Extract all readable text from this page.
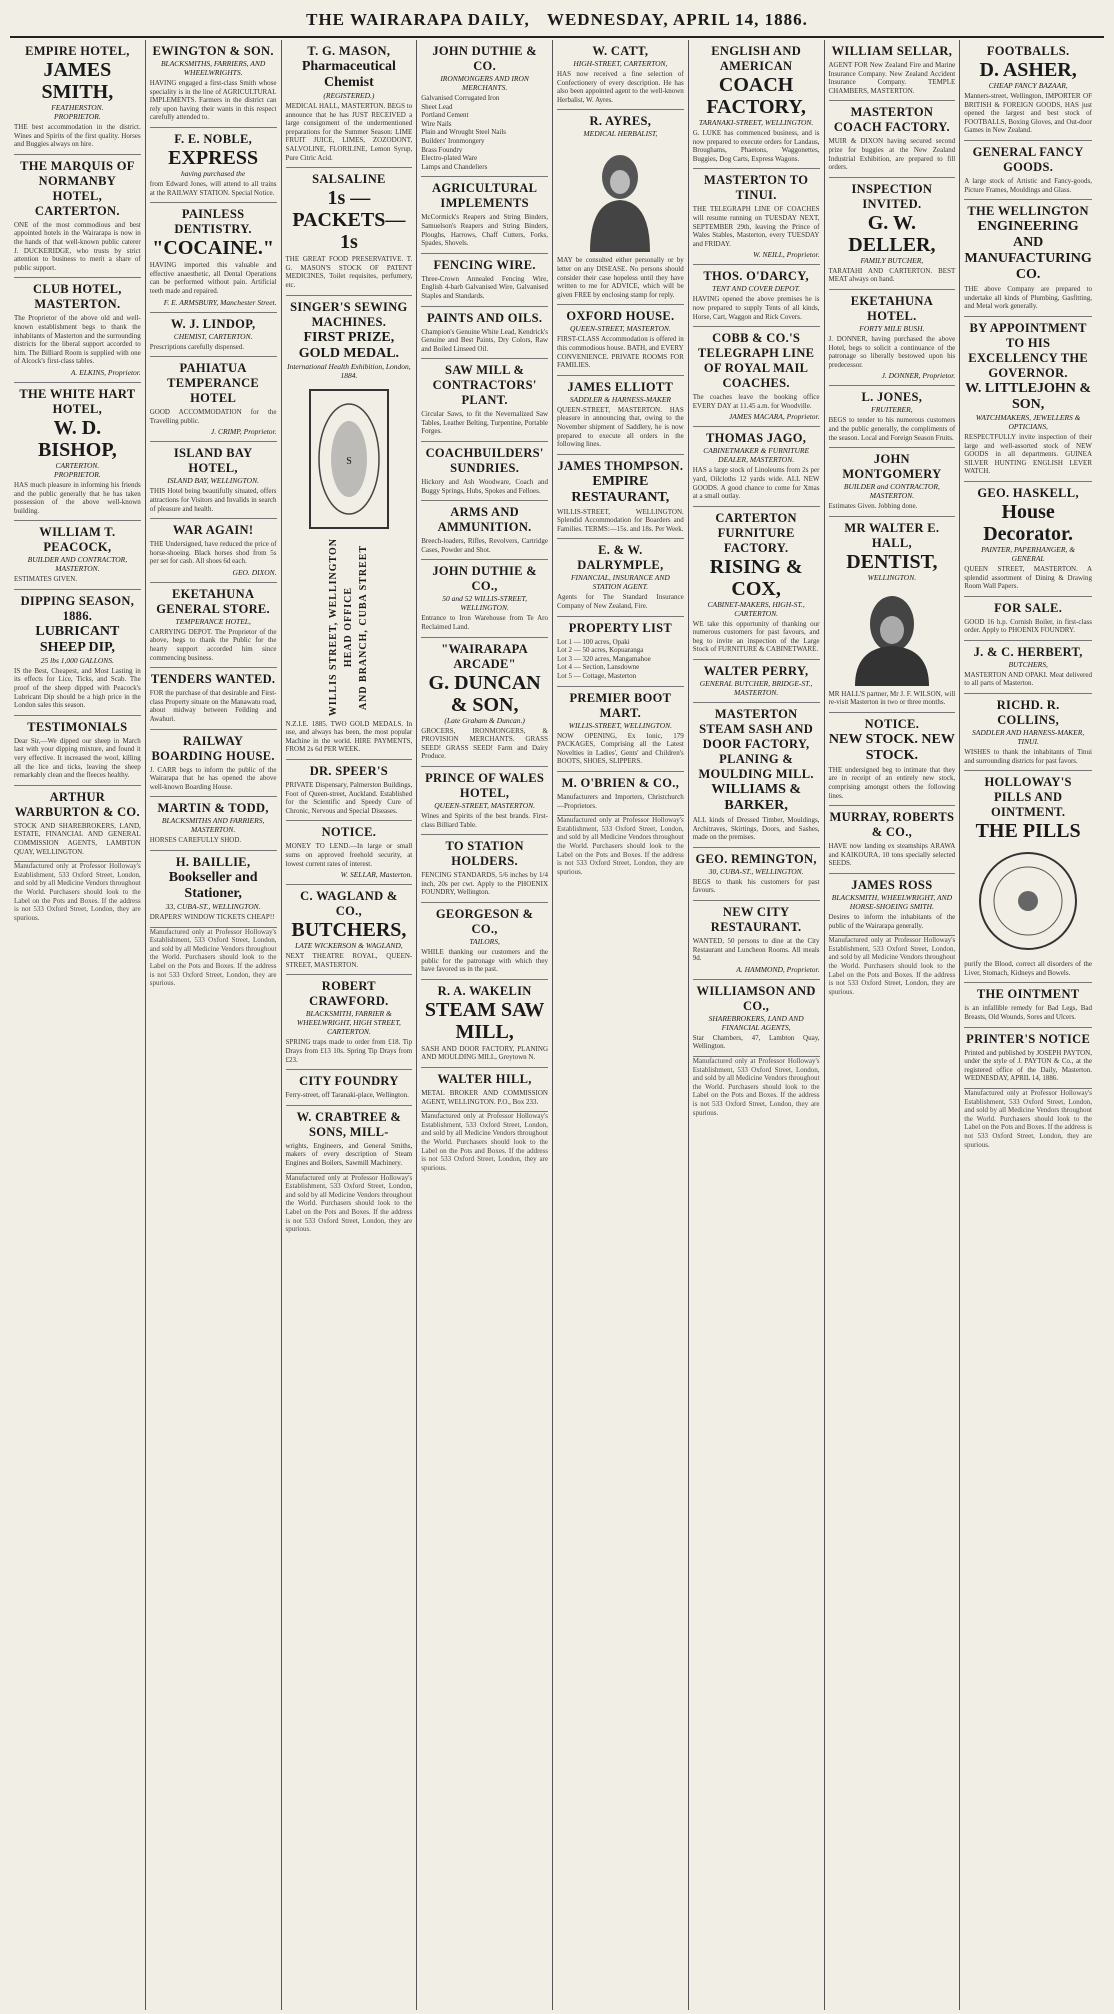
THE WAIRARAPA DAILY, WEDNESDAY, APRIL 14, 1886.
EMPIRE HOTEL,
JAMES SMITH,
FEATHERSTON.
PROPRIETOR.
THE best accommodation in the district. Wines and Spirits of the first quality. Horses and Buggies always on hire.
THE MARQUIS OF NORMANBY HOTEL, CARTERTON.
ONE of the most commodious and best appointed hotels in the Wairarapa is now in the hands of that well-known public caterer J. DUCKERIDGE, who trusts by strict attention to business to merit a share of public support.
CLUB HOTEL, MASTERTON.
The Proprietor of the above old and well-known establishment begs to thank the inhabitants of Masterton and the surrounding districts for the liberal support accorded to him. The Billiard Room is supplied with one of Alcock's first-class tables.
A. ELKINS, Proprietor.
THE WHITE HART HOTEL,
W. D. BISHOP,
CARTERTON.
PROPRIETOR.
HAS much pleasure in informing his friends and the public generally that he has taken possession of the above well-known building.
WILLIAM T. PEACOCK,
BUILDER AND CONTRACTOR, MASTERTON.
ESTIMATES GIVEN.
DIPPING SEASON, 1886.
LUBRICANT SHEEP DIP,
25 lbs 1,000 GALLONS.
IS the Best, Cheapest, and Most Lasting in its effects for Lice, Ticks, and Scab. The proof of the sheep dipped with Peacock's Lubricant Dip should be a high price in the London sales this season.
TESTIMONIALS
Dear Sir,—We dipped our sheep in March last with your dipping mixture, and found it very effective. It increased the wool, killing all the lice and ticks, leaving the sheep remarkably clean and the fleeces healthy.
ARTHUR WARBURTON & CO.
STOCK AND SHAREBROKERS, LAND, ESTATE, FINANCIAL AND GENERAL COMMISSION AGENTS, LAMBTON QUAY, WELLINGTON.
Manufactured only at Professor Holloway's Establishment, 533 Oxford Street, London, and sold by all Medicine Vendors throughout the World. Purchasers should look to the Label on the Pots and Boxes. If the address is not 533 Oxford Street, London, they are spurious.
EWINGTON & SON.
BLACKSMITHS, FARRIERS, AND WHEELWRIGHTS.
HAVING engaged a first-class Smith whose speciality is in the line of AGRICULTURAL IMPLEMENTS. Farmers in the district can rely upon having their wants in this respect carefully attended to.
F. E. NOBLE,
EXPRESS
having purchased the
from Edward Jones, will attend to all trains at the RAILWAY STATION. Special Notice.
PAINLESS DENTISTRY.
"COCAINE."
HAVING imported this valuable and effective anaesthetic, all Dental Operations can be performed without pain. Artificial teeth made and repaired.
F. E. ARMSBURY, Manchester Street.
W. J. LINDOP,
CHEMIST, CARTERTON.
Prescriptions carefully dispensed.
PAHIATUA TEMPERANCE HOTEL
GOOD ACCOMMODATION for the Travelling public.
J. CRIMP, Proprietor.
ISLAND BAY HOTEL,
ISLAND BAY, WELLINGTON.
THIS Hotel being beautifully situated, offers attractions for Visitors and Invalids in search of pleasure and health.
WAR AGAIN!
THE Undersigned, have reduced the price of horse-shoeing. Black horses shod from 5s per set for cash. All shoes 6d each.
GEO. DIXON.
EKETAHUNA GENERAL STORE.
TEMPERANCE HOTEL,
CARRYING DEPOT. The Proprietor of the above, begs to thank the Public for the hearty support accorded him since commencing business.
TENDERS WANTED.
FOR the purchase of that desirable and First-class Property situate on the Manawatu road, about midway between Feilding and Awahuri.
RAILWAY BOARDING HOUSE.
J. CARR begs to inform the public of the Wairarapa that he has opened the above well-known Boarding House.
MARTIN & TODD,
BLACKSMITHS AND FARRIERS, MASTERTON.
HORSES CAREFULLY SHOD.
H. BAILLIE,
Bookseller and Stationer,
33, CUBA-ST., WELLINGTON.
DRAPERS' WINDOW TICKETS CHEAP!!
Manufactured only at Professor Holloway's Establishment, 533 Oxford Street, London, and sold by all Medicine Vendors throughout the World. Purchasers should look to the Label on the Pots and Boxes. If the address is not 533 Oxford Street, London, they are spurious.
T. G. MASON,
Pharmaceutical Chemist
(REGISTERED.)
MEDICAL HALL, MASTERTON. BEGS to announce that he has JUST RECEIVED a large consignment of the undermentioned preparations for the Summer Season: LIME FRUIT JUICE, LIMES, ZOZODONT, SALVOLINE, FLORILINE, Lemon Syrup, Pure Citric Acid.
SALSALINE
1s —PACKETS— 1s
THE GREAT FOOD PRESERVATIVE. T. G. MASON'S STOCK OF PATENT MEDICINES, Toilet requisites, perfumery, etc.
SINGER'S SEWING MACHINES.
FIRST PRIZE, GOLD MEDAL.
International Health Exhibition, London, 1884.
S
WILLIS STREET, WELLINGTON HEAD OFFICE AND BRANCH, CUBA STREET
N.Z.I.E. 1885. TWO GOLD MEDALS. In use, and always has been, the most popular Machine in the world. HIRE PAYMENTS, FROM 2s 6d PER WEEK.
DR. SPEER'S
PRIVATE Dispensary, Palmerston Buildings, Foot of Queen-street, Auckland. Established for the Scientific and Speedy Cure of Chronic, Nervous and Special Diseases.
NOTICE.
MONEY TO LEND.—In large or small sums on approved freehold security, at lowest current rates of interest.
W. SELLAR, Masterton.
C. WAGLAND & CO.,
BUTCHERS,
LATE WICKERSON & WAGLAND,
NEXT THEATRE ROYAL, QUEEN-STREET, MASTERTON.
ROBERT CRAWFORD.
BLACKSMITH, FARRIER & WHEELWRIGHT, HIGH STREET, CARTERTON.
SPRING traps made to order from £18. Tip Drays from £13 10s. Spring Tip Drays from £23.
CITY FOUNDRY
Ferry-street, off Taranaki-place, Wellington.
W. CRABTREE & SONS, MILL-
wrights, Engineers, and General Smiths, makers of every description of Steam Engines and Boilers, Sawmill Machinery.
Manufactured only at Professor Holloway's Establishment, 533 Oxford Street, London, and sold by all Medicine Vendors throughout the World. Purchasers should look to the Label on the Pots and Boxes. If the address is not 533 Oxford Street, London, they are spurious.
JOHN DUTHIE & CO.
IRONMONGERS AND IRON MERCHANTS.
Galvanised Corrugated Iron
Sheet Lead
Portland Cement
Wire Nails
Plain and Wrought Steel Nails
Builders' Ironmongery
Brass Foundry
Electro-plated Ware
Lamps and Chandeliers
AGRICULTURAL IMPLEMENTS
McCormick's Reapers and String Binders, Samuelson's Reapers and String Binders, Ploughs, Harrows, Chaff Cutters, Forks, Spades, Shovels.
FENCING WIRE.
Three-Crown Annealed Fencing Wire, English 4-barb Galvanised Wire, Galvanised Staples and Standards.
PAINTS AND OILS.
Champion's Genuine White Lead, Kendrick's Genuine and Best Paints, Dry Colors, Raw and Boiled Linseed Oil.
SAW MILL & CONTRACTORS' PLANT.
Circular Saws, to fit the Nevernalized Saw Tables, Leather Belting, Turpentine, Portable Forges.
COACHBUILDERS' SUNDRIES.
Hickory and Ash Woodware, Coach and Buggy Springs, Hubs, Spokes and Felloes.
ARMS AND AMMUNITION.
Breech-loaders, Rifles, Revolvers, Cartridge Cases, Powder and Shot.
JOHN DUTHIE & CO.,
50 and 52 WILLIS-STREET, WELLINGTON.
Entrance to Iron Warehouse from Te Aro Reclaimed Land.
"WAIRARAPA ARCADE"
G. DUNCAN & SON,
(Late Graham & Duncan.)
GROCERS, IRONMONGERS, & PROVISION MERCHANTS. GRASS SEED! GRASS SEED! Farm and Dairy Produce.
PRINCE OF WALES HOTEL,
QUEEN-STREET, MASTERTON.
Wines and Spirits of the best brands. First-class Billiard Table.
TO STATION HOLDERS.
FENCING STANDARDS, 5/6 inches by 1/4 inch, 20s per cwt. Apply to the PHOENIX FOUNDRY, Wellington.
GEORGESON & CO.,
TAILORS,
WHILE thanking our customers and the public for the patronage with which they have favored us in the past.
R. A. WAKELIN
STEAM SAW MILL,
SASH AND DOOR FACTORY, PLANING AND MOULDING MILL, Greytown N.
WALTER HILL,
METAL BROKER AND COMMISSION AGENT, WELLINGTON. P.O., Box 233.
Manufactured only at Professor Holloway's Establishment, 533 Oxford Street, London, and sold by all Medicine Vendors throughout the World. Purchasers should look to the Label on the Pots and Boxes. If the address is not 533 Oxford Street, London, they are spurious.
W. CATT,
HIGH-STREET, CARTERTON,
HAS now received a fine selection of Confectionery of every description. He has also been appointed agent to the well-known Herbalist, W. Ayres.
R. AYRES,
MEDICAL HERBALIST,
MAY be consulted either personally or by letter on any DISEASE. No persons should consider their case hopeless until they have written to me for ADVICE, which will be given FREE by enclosing stamp for reply.
OXFORD HOUSE.
QUEEN-STREET, MASTERTON.
FIRST-CLASS Accommodation is offered in this commodious house. BATH, and EVERY CONVENIENCE. PRIVATE ROOMS FOR FAMILIES.
JAMES ELLIOTT
SADDLER & HARNESS-MAKER
QUEEN-STREET, MASTERTON. HAS pleasure in announcing that, owing to the November shipment of Saddlery, he is now prepared to execute all orders in the following lines.
JAMES THOMPSON.
EMPIRE RESTAURANT,
WILLIS-STREET, WELLINGTON. Splendid Accommodation for Boarders and Families. TERMS:—15s. and 18s. Per Week.
E. & W. DALRYMPLE,
FINANCIAL, INSURANCE AND STATION AGENT.
Agents for The Standard Insurance Company of New Zealand, Fire.
PROPERTY LIST
Lot 1 — 100 acres, Opaki
Lot 2 — 50 acres, Kopuaranga
Lot 3 — 320 acres, Mangamahoe
Lot 4 — Section, Lansdowne
Lot 5 — Cottage, Masterton
PREMIER BOOT MART.
WILLIS-STREET, WELLINGTON.
NOW OPENING, Ex Ionic, 179 PACKAGES, Comprising all the Latest Novelties in Ladies', Gents' and Children's BOOTS, SHOES, SLIPPERS.
M. O'BRIEN & CO.,
Manufacturers and Importers, Christchurch—Proprietors.
Manufactured only at Professor Holloway's Establishment, 533 Oxford Street, London, and sold by all Medicine Vendors throughout the World. Purchasers should look to the Label on the Pots and Boxes. If the address is not 533 Oxford Street, London, they are spurious.
ENGLISH AND AMERICAN
COACH FACTORY,
TARANAKI-STREET, WELLINGTON.
G. LUKE has commenced business, and is now prepared to execute orders for Landaus, Broughams, Phaetons, Waggonettes, Buggies, Dog Carts, Express Wagons.
MASTERTON TO TINUI.
THE TELEGRAPH LINE OF COACHES will resume running on TUESDAY NEXT, SEPTEMBER 29th, leaving the Prince of Wales Stables, Masterton, every TUESDAY and FRIDAY.
W. NEILL, Proprietor.
THOS. O'DARCY,
TENT AND COVER DEPOT.
HAVING opened the above premises he is now prepared to supply Tents of all kinds, Horse, Cart, Waggon and Rick Covers.
COBB & CO.'S TELEGRAPH LINE OF ROYAL MAIL COACHES.
The coaches leave the booking office EVERY DAY at 11.45 a.m. for Woodville.
JAMES MACARA, Proprietor.
THOMAS JAGO,
CABINETMAKER & FURNITURE DEALER, MASTERTON.
HAS a large stock of Linoleums from 2s per yard, Oilcloths 12 yards wide. ALL NEW GOODS. A good chance to come for Xmas at a small outlay.
CARTERTON FURNITURE FACTORY.
RISING & COX,
CABINET-MAKERS, HIGH-ST., CARTERTON.
WE take this opportunity of thanking our numerous customers for past favours, and beg to invite an inspection of the Large Stock of FURNITURE & CABINETWARE.
WALTER PERRY,
GENERAL BUTCHER, BRIDGE-ST., MASTERTON.
MASTERTON STEAM SASH AND DOOR FACTORY, PLANING & MOULDING MILL.
WILLIAMS & BARKER,
ALL kinds of Dressed Timber, Mouldings, Architraves, Skirtings, Doors, and Sashes, made on the premises.
GEO. REMINGTON,
30, CUBA-ST., WELLINGTON.
BEGS to thank his customers for past favours.
NEW CITY RESTAURANT.
WANTED, 50 persons to dine at the City Restaurant and Luncheon Rooms. All meals 9d.
A. HAMMOND, Proprietor.
WILLIAMSON AND CO.,
SHAREBROKERS, LAND AND FINANCIAL AGENTS,
Star Chambers, 47, Lambton Quay, Wellington.
Manufactured only at Professor Holloway's Establishment, 533 Oxford Street, London, and sold by all Medicine Vendors throughout the World. Purchasers should look to the Label on the Pots and Boxes. If the address is not 533 Oxford Street, London, they are spurious.
WILLIAM SELLAR,
AGENT FOR New Zealand Fire and Marine Insurance Company. New Zealand Accident Insurance Company. TEMPLE CHAMBERS, MASTERTON.
MASTERTON COACH FACTORY.
MUIR & DIXON having secured second prize for buggies at the New Zealand Industrial Exhibition, are prepared to fill orders.
INSPECTION INVITED.
G. W. DELLER,
FAMILY BUTCHER,
TARATAHI AND CARTERTON. BEST MEAT always on hand.
EKETAHUNA HOTEL.
FORTY MILE BUSH.
J. DONNER, having purchased the above Hotel, begs to solicit a continuance of the patronage so liberally bestowed upon his predecessor.
J. DONNER, Proprietor.
L. JONES,
FRUITERER,
BEGS to tender to his numerous customers and the public generally, the compliments of the season. Local and Foreign Season Fruits.
JOHN MONTGOMERY
BUILDER and CONTRACTOR, MASTERTON.
Estimates Given. Jobbing done.
MR WALTER E. HALL,
DENTIST,
WELLINGTON.
MR HALL'S partner, Mr J. F. WILSON, will re-visit Masterton in two or three months.
NOTICE.
NEW STOCK. NEW STOCK.
THE undersigned beg to intimate that they are in receipt of an entirely new stock, comprising amongst others the following lines.
MURRAY, ROBERTS & CO.,
HAVE now landing ex steamships ARAWA and KAIKOURA, 10 tons specially selected SEEDS.
JAMES ROSS
BLACKSMITH, WHEELWRIGHT, AND HORSE-SHOEING SMITH.
Desires to inform the inhabitants of the public of the Wairarapa generally.
Manufactured only at Professor Holloway's Establishment, 533 Oxford Street, London, and sold by all Medicine Vendors throughout the World. Purchasers should look to the Label on the Pots and Boxes. If the address is not 533 Oxford Street, London, they are spurious.
FOOTBALLS.
D. ASHER,
CHEAP FANCY BAZAAR,
Manners-street, Wellington, IMPORTER OF BRITISH & FOREIGN GOODS, HAS just opened the largest and best stock of FOOTBALLS, Boxing Gloves, and Out-door Games in New Zealand.
GENERAL FANCY GOODS.
A large stock of Artistic and Fancy-goods, Picture Frames, Mouldings and Glass.
THE WELLINGTON
ENGINEERING AND MANUFACTURING CO.
THE above Company are prepared to undertake all kinds of Plumbing, Gasfitting, and Metal work generally.
BY APPOINTMENT TO HIS EXCELLENCY THE GOVERNOR.
W. LITTLEJOHN & SON,
WATCHMAKERS, JEWELLERS & OPTICIANS,
RESPECTFULLY invite inspection of their large and well-assorted stock of NEW GOODS in all departments. GUINEA SILVER HUNTING ENGLISH LEVER WATCH.
GEO. HASKELL,
House Decorator.
PAINTER, PAPERHANGER, & GENERAL
QUEEN STREET, MASTERTON. A splendid assortment of Dining & Drawing Room Wall Papers.
FOR SALE.
GOOD 16 h.p. Cornish Boiler, in first-class order. Apply to PHOENIX FOUNDRY.
J. & C. HERBERT,
BUTCHERS,
MASTERTON AND OPAKI. Meat delivered to all parts of Masterton.
RICHD. R. COLLINS,
SADDLER AND HARNESS-MAKER, TINUI.
WISHES to thank the inhabitants of Tinui and surrounding districts for past favors.
HOLLOWAY'S PILLS AND OINTMENT.
THE PILLS
purify the Blood, correct all disorders of the Liver, Stomach, Kidneys and Bowels.
THE OINTMENT
is an infallible remedy for Bad Legs, Bad Breasts, Old Wounds, Sores and Ulcers.
PRINTER'S NOTICE
Printed and published by JOSEPH PAYTON, under the style of J. PAYTON & Co., at the registered office of the Daily, Masterton. WEDNESDAY, APRIL 14, 1886.
Manufactured only at Professor Holloway's Establishment, 533 Oxford Street, London, and sold by all Medicine Vendors throughout the World. Purchasers should look to the Label on the Pots and Boxes. If the address is not 533 Oxford Street, London, they are spurious.
